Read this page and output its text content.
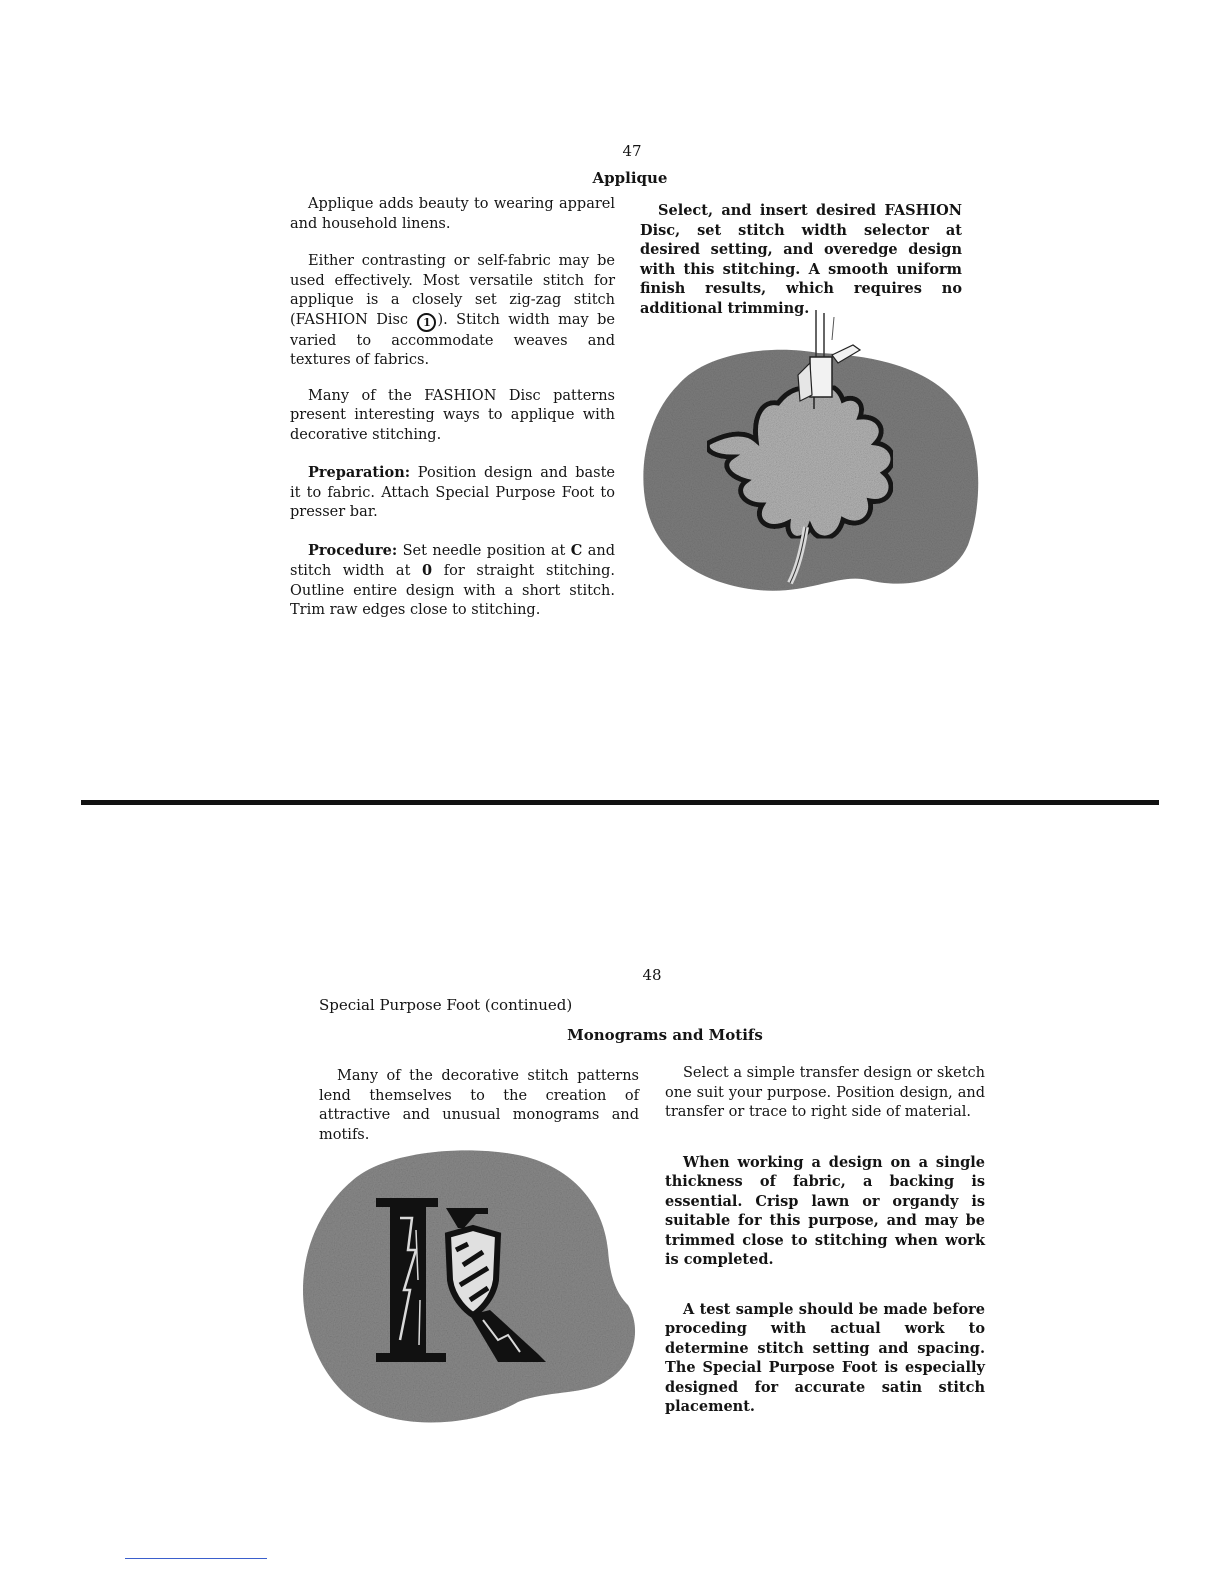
47
Applique

Applique adds beauty to wearing apparel and household linens.

Either contrasting or self-fabric may be used effectively. Most versatile stitch for applique is a closely set zig-zag stitch (FASHION Disc 1 ). Stitch width may be varied to accommodate weaves and textures of fabrics.

Many of the FASHION Disc patterns present interesting ways to applique with decorative stitching.

Preparation: Position design and baste it to fabric. Attach Special Purpose Foot to presser bar.

Procedure: Set needle position at C and stitch width at 0 for straight stitching. Outline entire design with a short stitch. Trim raw edges close to stitching.

Select, and insert desired FASHION Disc, set stitch width selector at desired setting, and overedge design with this stitching. A smooth uniform finish results, which requires no additional trimming.

48
Special Purpose Foot (continued)
Monograms and Motifs

Many of the decorative stitch patterns lend themselves to the creation of attractive and unusual monograms and motifs.

Select a simple transfer design or sketch one suit your purpose. Position design, and transfer or trace to right side of material.

When working a design on a single thickness of fabric, a backing is essential. Crisp lawn or organdy is suitable for this purpose, and may be trimmed close to stitching when work is completed.

A test sample should be made before proceding with actual work to determine stitch setting and spacing. The Special Purpose Foot is especially designed for accurate satin stitch placement.
